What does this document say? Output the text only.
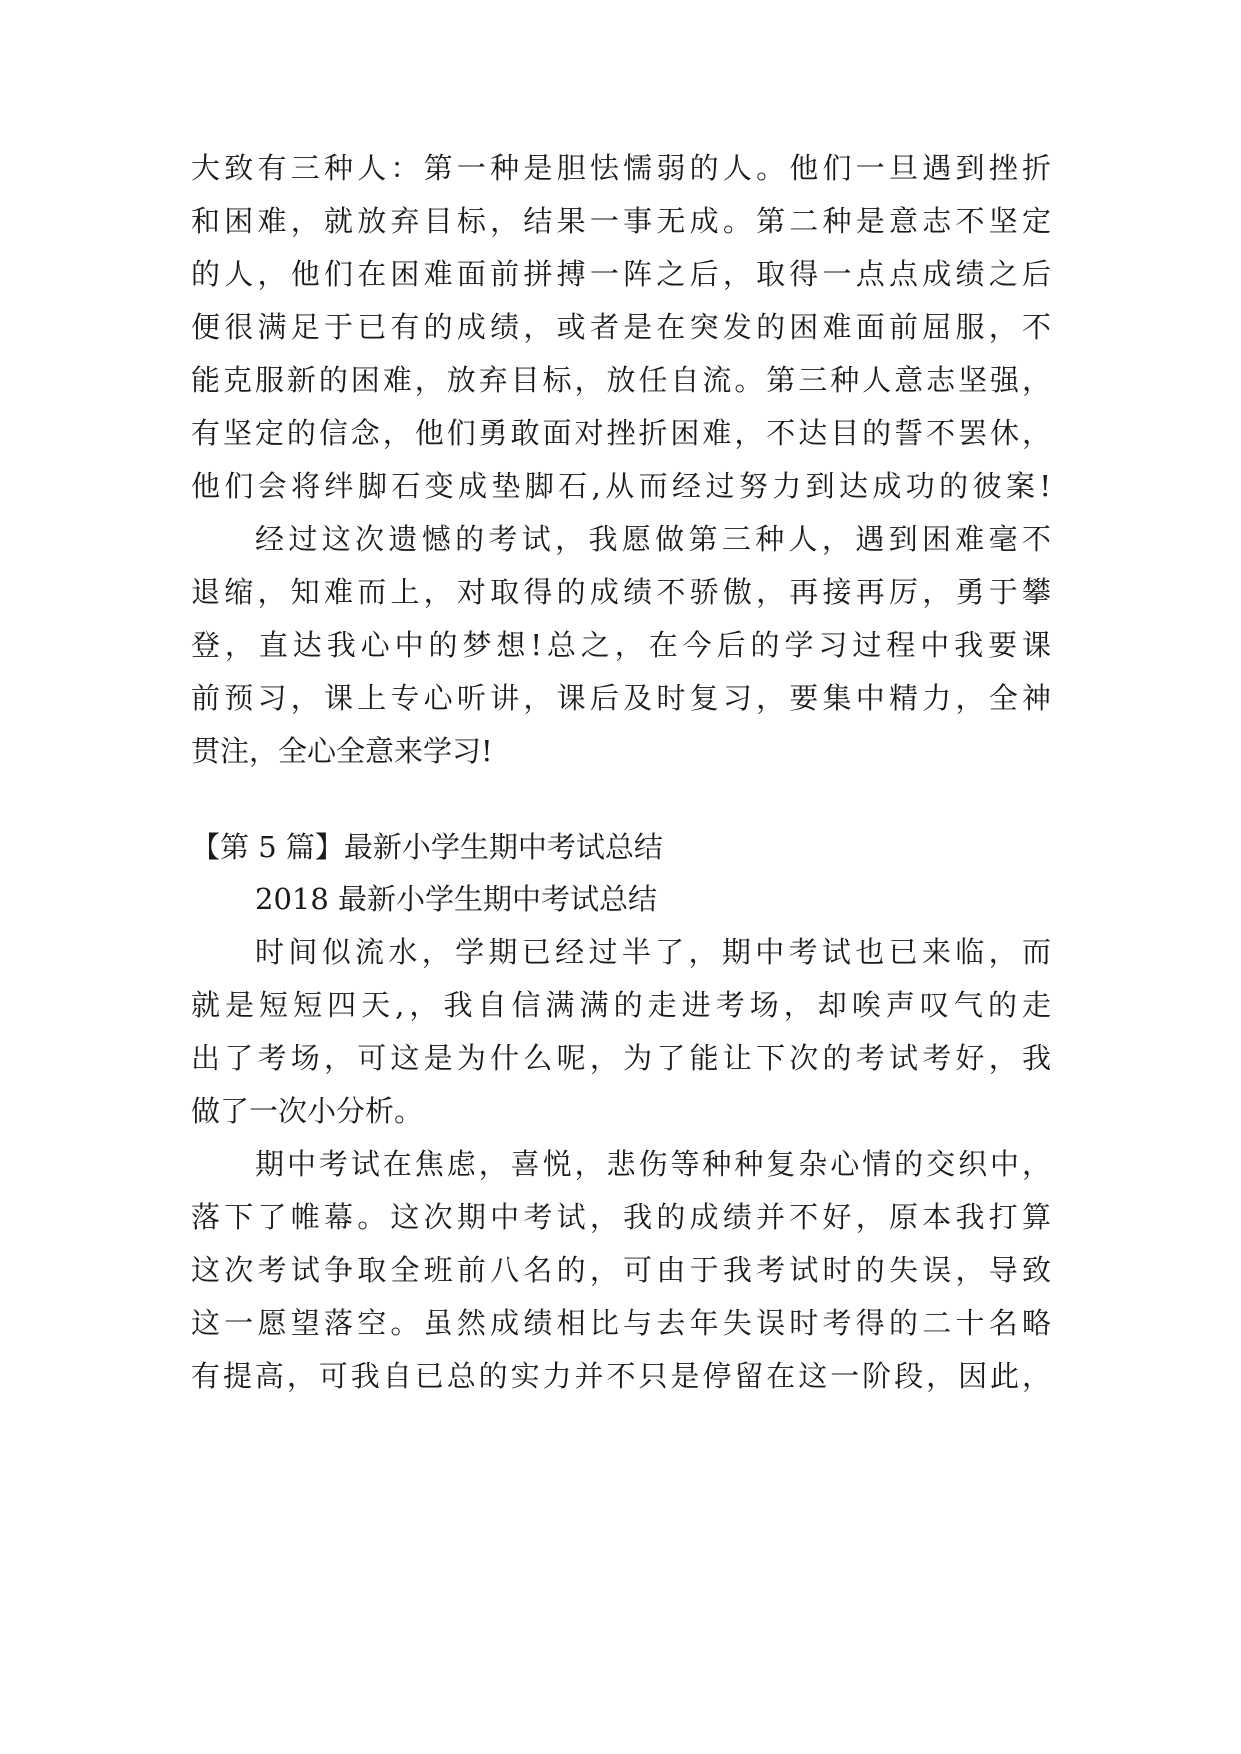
大致有三种人：第一种是胆怯懦弱的人。他们一旦遇到挫折

和困难，就放弃目标，结果一事无成。第二种是意志不坚定

的人，他们在困难面前拼搏一阵之后，取得一点点成绩之后

便很满足于已有的成绩，或者是在突发的困难面前屈服，不

能克服新的困难，放弃目标，放任自流。第三种人意志坚强，

有坚定的信念，他们勇敢面对挫折困难，不达目的誓不罢休，

他们会将绊脚石变成垫脚石,从而经过努力到达成功的彼案!

经过这次遗憾的考试，我愿做第三种人，遇到困难毫不

退缩，知难而上，对取得的成绩不骄傲，再接再厉，勇于攀

登，直达我心中的梦想!总之，在今后的学习过程中我要课

前预习，课上专心听讲，课后及时复习，要集中精力，全神

贯注，全心全意来学习!

【第 5 篇】最新小学生期中考试总结

2018 最新小学生期中考试总结

时间似流水，学期已经过半了，期中考试也已来临，而

就是短短四天,，我自信满满的走进考场，却唉声叹气的走

出了考场，可这是为什么呢，为了能让下次的考试考好，我

做了一次小分析。

期中考试在焦虑，喜悦，悲伤等种种复杂心情的交织中，

落下了帷幕。这次期中考试，我的成绩并不好，原本我打算

这次考试争取全班前八名的，可由于我考试时的失误，导致

这一愿望落空。虽然成绩相比与去年失误时考得的二十名略

有提高，可我自已总的实力并不只是停留在这一阶段，因此，
